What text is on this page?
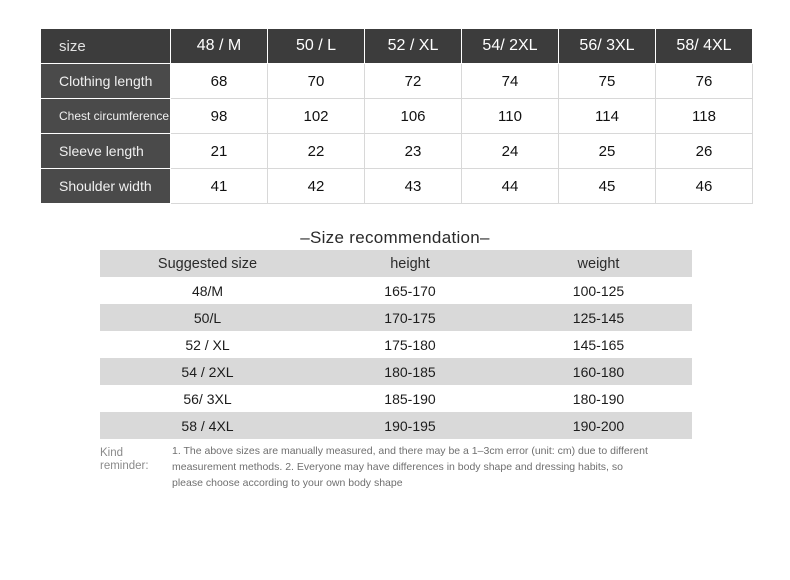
size	48 / M	50 / L	52 / XL	54/ 2XL	56/ 3XL	58/ 4XL
Clothing length	68	70	72	74	75	76
Chest circumference	98	102	106	110	114	118
Sleeve length	21	22	23	24	25	26
Shoulder width	41	42	43	44	45	46
–Size recommendation–
Suggested size	height	weight
48/M	165-170	100-125
50/L	170-175	125-145
52 / XL	175-180	145-165
54 / 2XL	180-185	160-180
56/ 3XL	185-190	180-190
58 / 4XL	190-195	190-200
Kind reminder:
1. The above sizes are manually measured, and there may be a 1–3cm error (unit: cm) due to different measurement methods. 2. Everyone may have differences in body shape and dressing habits, so please choose according to your own body shape
